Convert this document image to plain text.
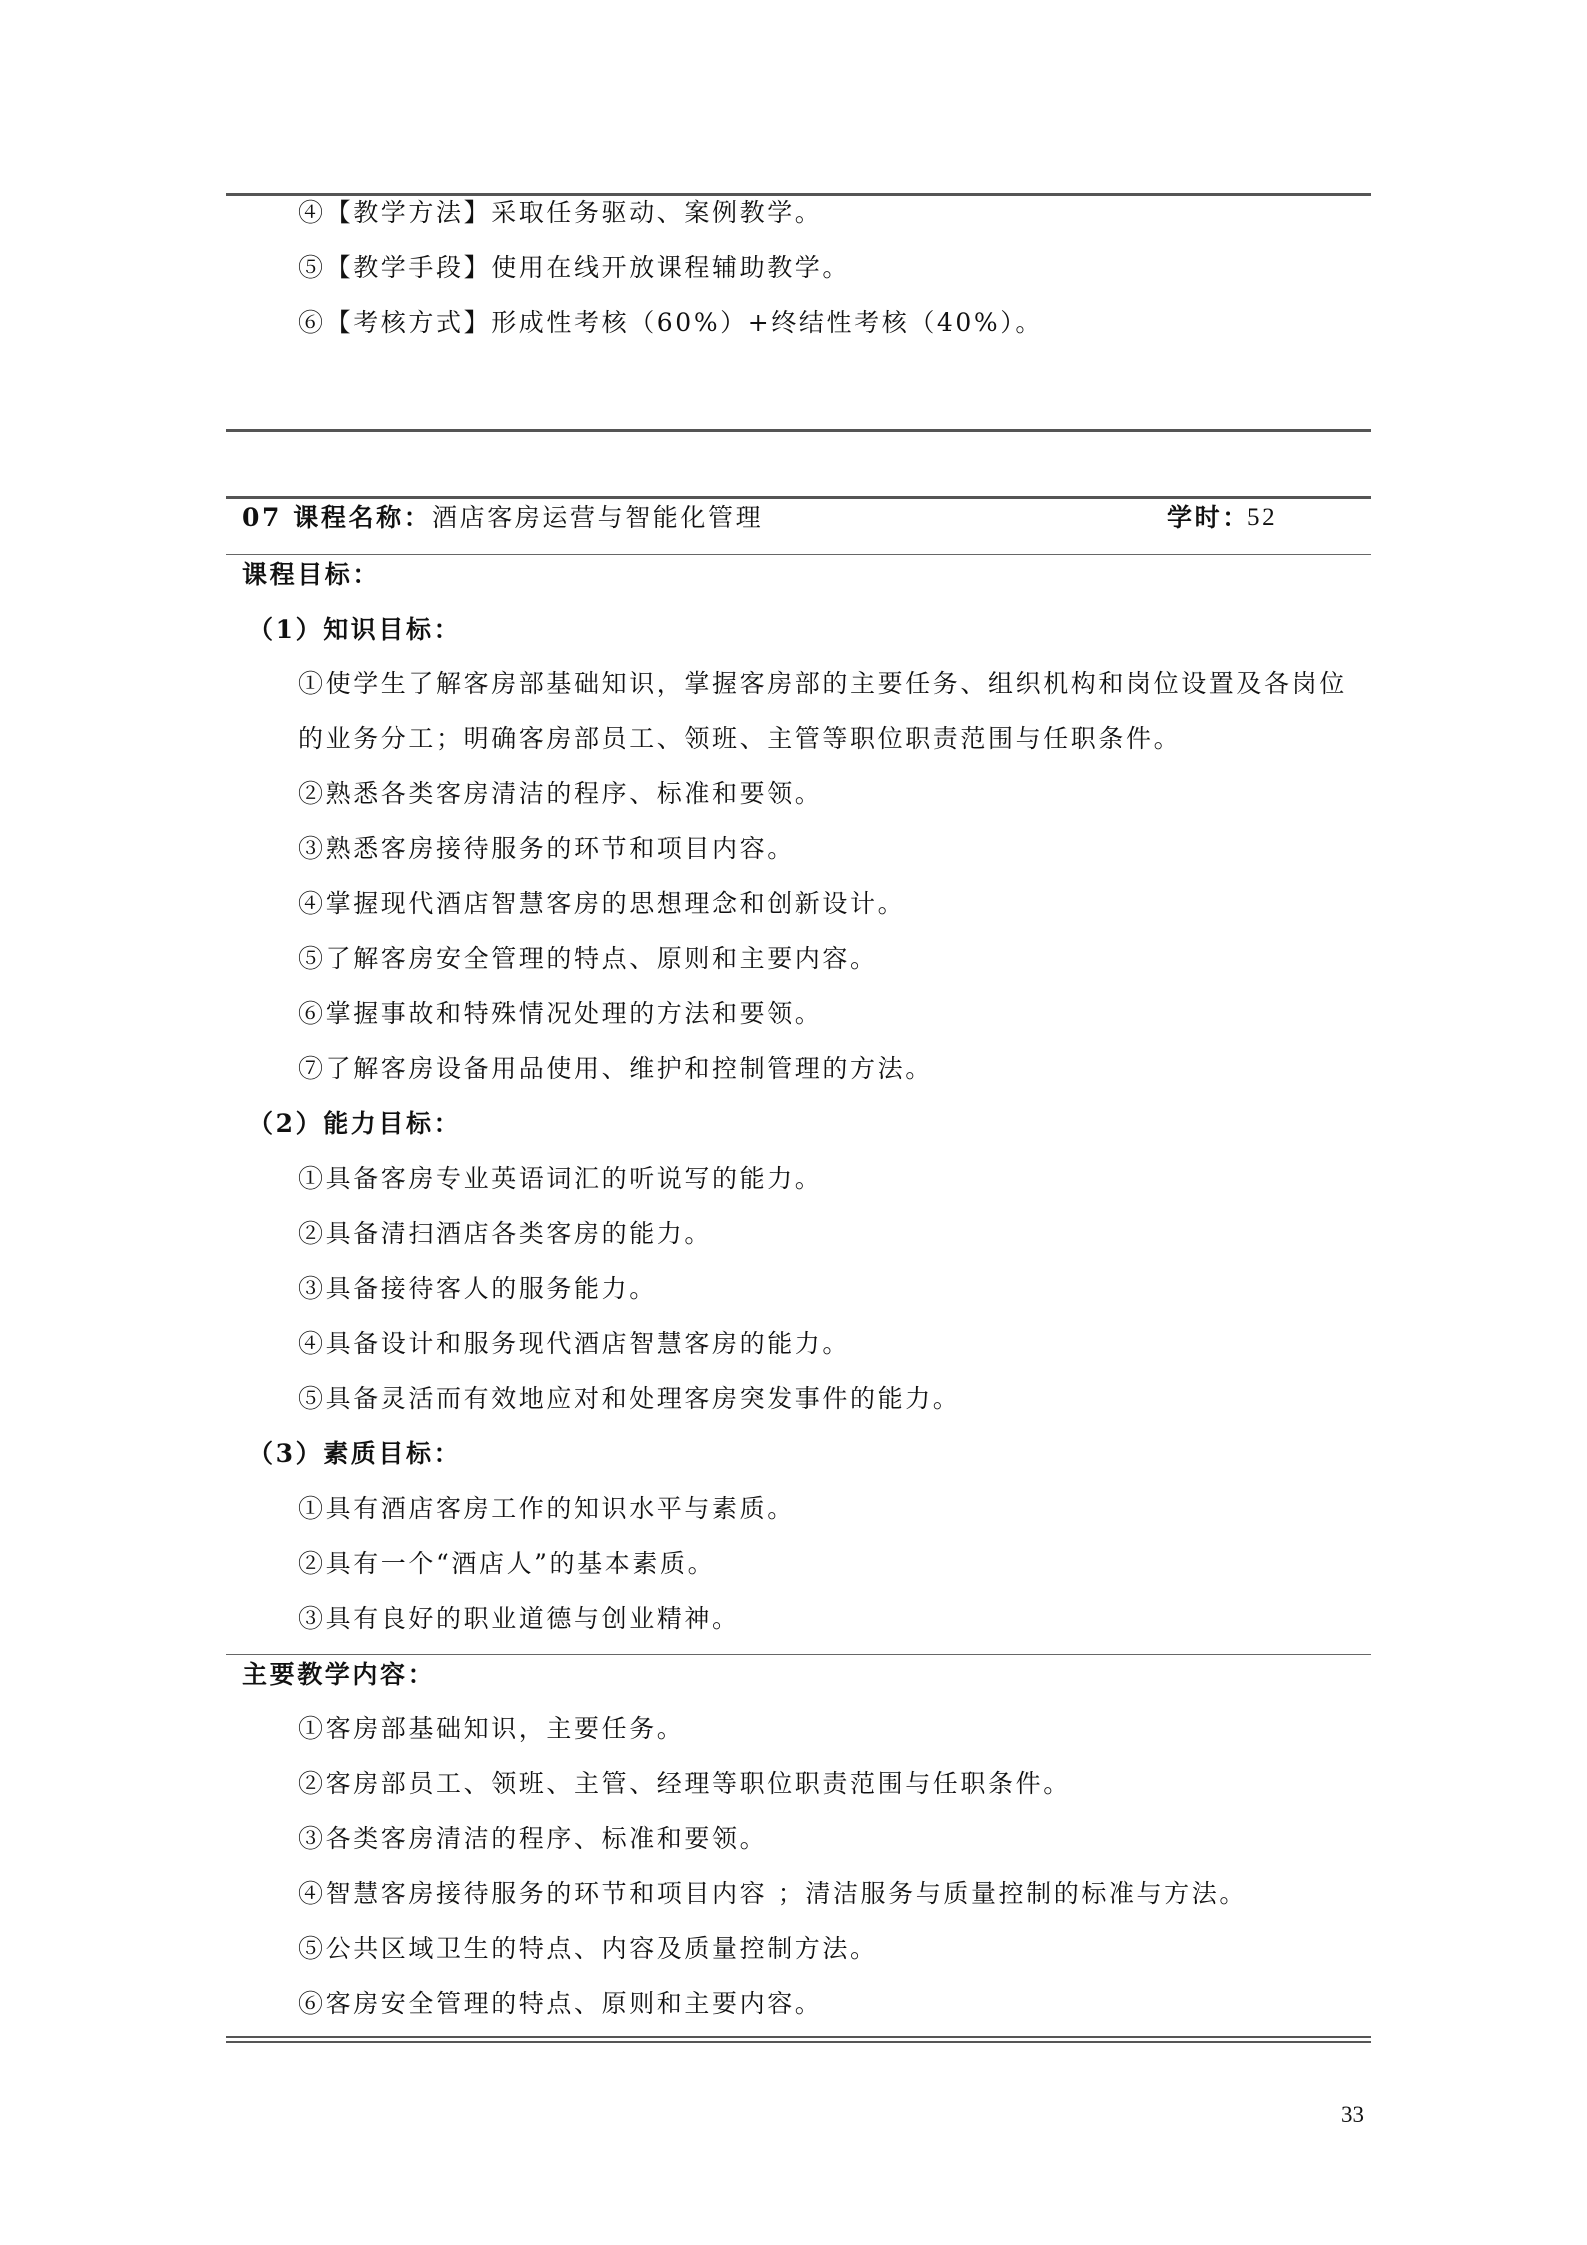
④【教学方法】采取任务驱动、案例教学。
⑤【教学手段】使用在线开放课程辅助教学。
⑥【考核方式】形成性考核（60%）+终结性考核（40%）。
07 课程名称： 酒店客房运营与智能化管理	学时：
52
课程目标：
（1）知识目标：
①使学生了解客房部基础知识，掌握客房部的主要任务、组织机构和岗位设置及各岗位
的业务分工；明确客房部员工、领班、主管等职位职责范围与任职条件。
②熟悉各类客房清洁的程序、标准和要领。
③熟悉客房接待服务的环节和项目内容。
④掌握现代酒店智慧客房的思想理念和创新设计。
⑤了解客房安全管理的特点、原则和主要内容。
⑥掌握事故和特殊情况处理的方法和要领。
⑦了解客房设备用品使用、维护和控制管理的方法。
（2）能力目标：
①具备客房专业英语词汇的听说写的能力。
②具备清扫酒店各类客房的能力。
③具备接待客人的服务能力。
④具备设计和服务现代酒店智慧客房的能力。
⑤具备灵活而有效地应对和处理客房突发事件的能力。
（3）素质目标：
①具有酒店客房工作的知识水平与素质。
②具有一个“酒店人”的基本素质。
③具有良好的职业道德与创业精神。
主要教学内容：
①客房部基础知识，主要任务。
②客房部员工、领班、主管、经理等职位职责范围与任职条件。
③各类客房清洁的程序、标准和要领。
④智慧客房接待服务的环节和项目内容 ；清洁服务与质量控制的标准与方法。
⑤公共区域卫生的特点、内容及质量控制方法。
⑥客房安全管理的特点、原则和主要内容。
33
